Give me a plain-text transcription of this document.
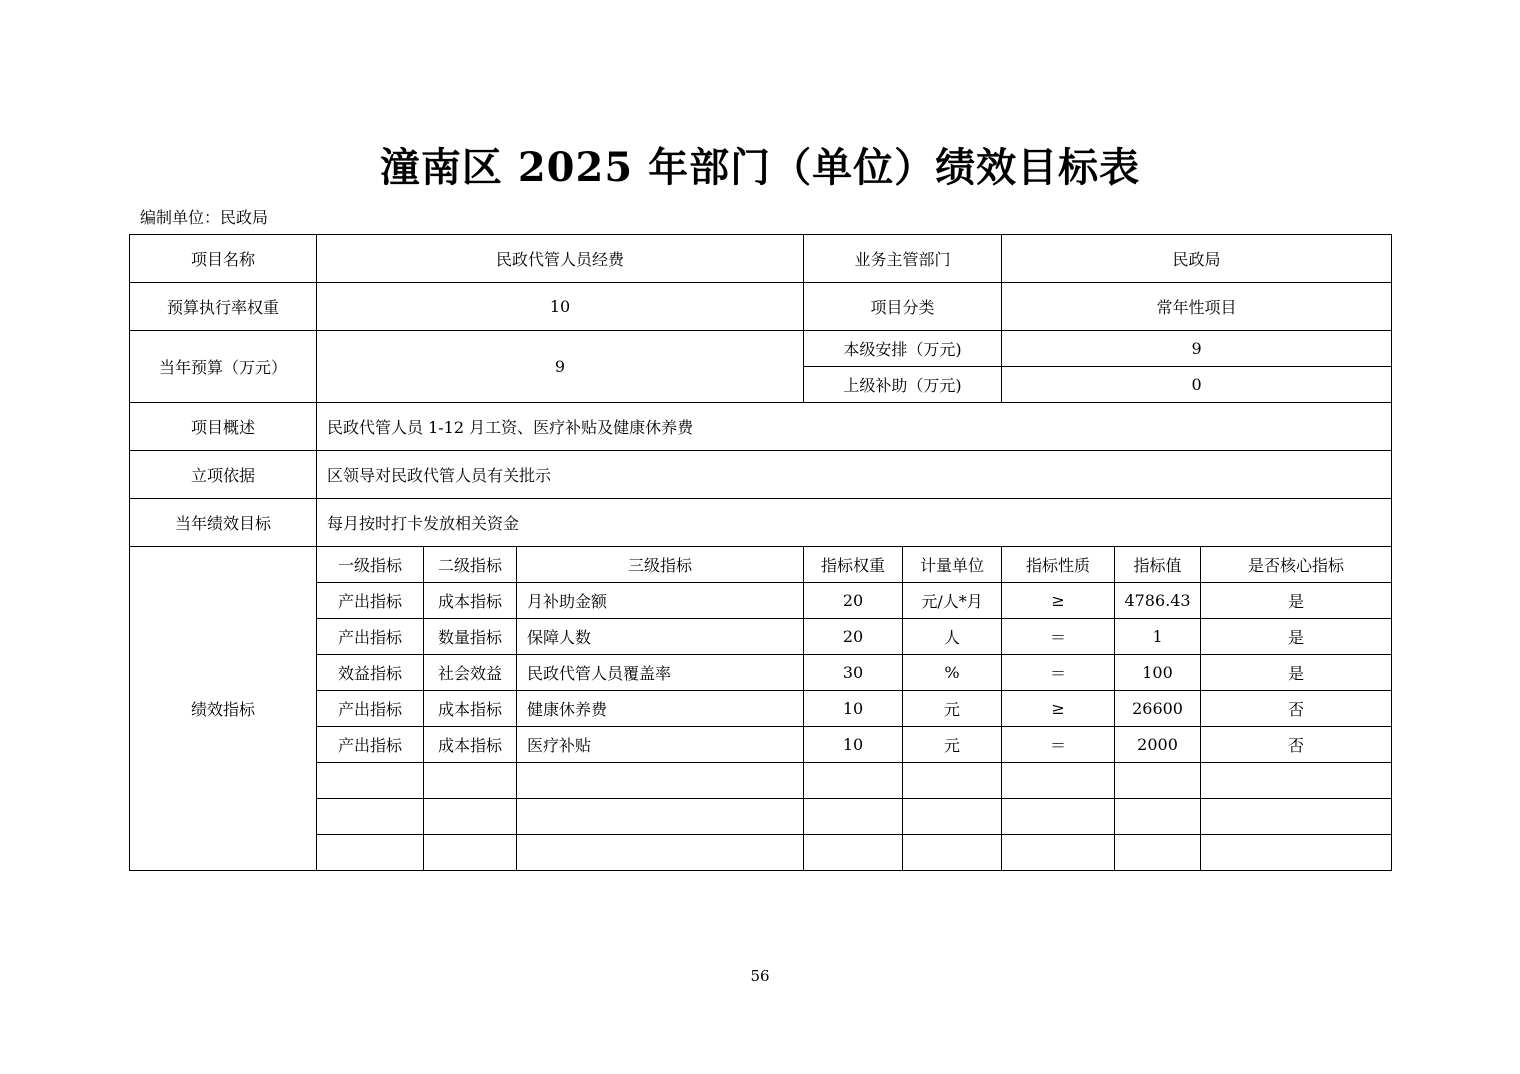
潼南区 2025 年部门（单位）绩效目标表
编制单位：民政局
项目名称	民政代管人员经费			业务主管部门		民政局		
预算执行率权重	10			项目分类		常年性项目		
当年预算（万元）	9			本级安排（万元)		9		
				上级补助（万元)		0		
项目概述	民政代管人员 1-12 月工资、医疗补贴及健康休养费							
立项依据	区领导对民政代管人员有关批示							
当年绩效目标	每月按时打卡发放相关资金							
绩效指标	一级指标	二级指标	三级指标	指标权重	计量单位	指标性质	指标值	是否核心指标
	产出指标	成本指标	月补助金额	20	元/人*月	≥	4786.43	是
	产出指标	数量指标	保障人数	20	人	＝	1	是
	效益指标	社会效益	民政代管人员覆盖率	30	%	＝	100	是
	产出指标	成本指标	健康休养费	10	元	≥	26600	否
	产出指标	成本指标	医疗补贴	10	元	＝	2000	否

56
